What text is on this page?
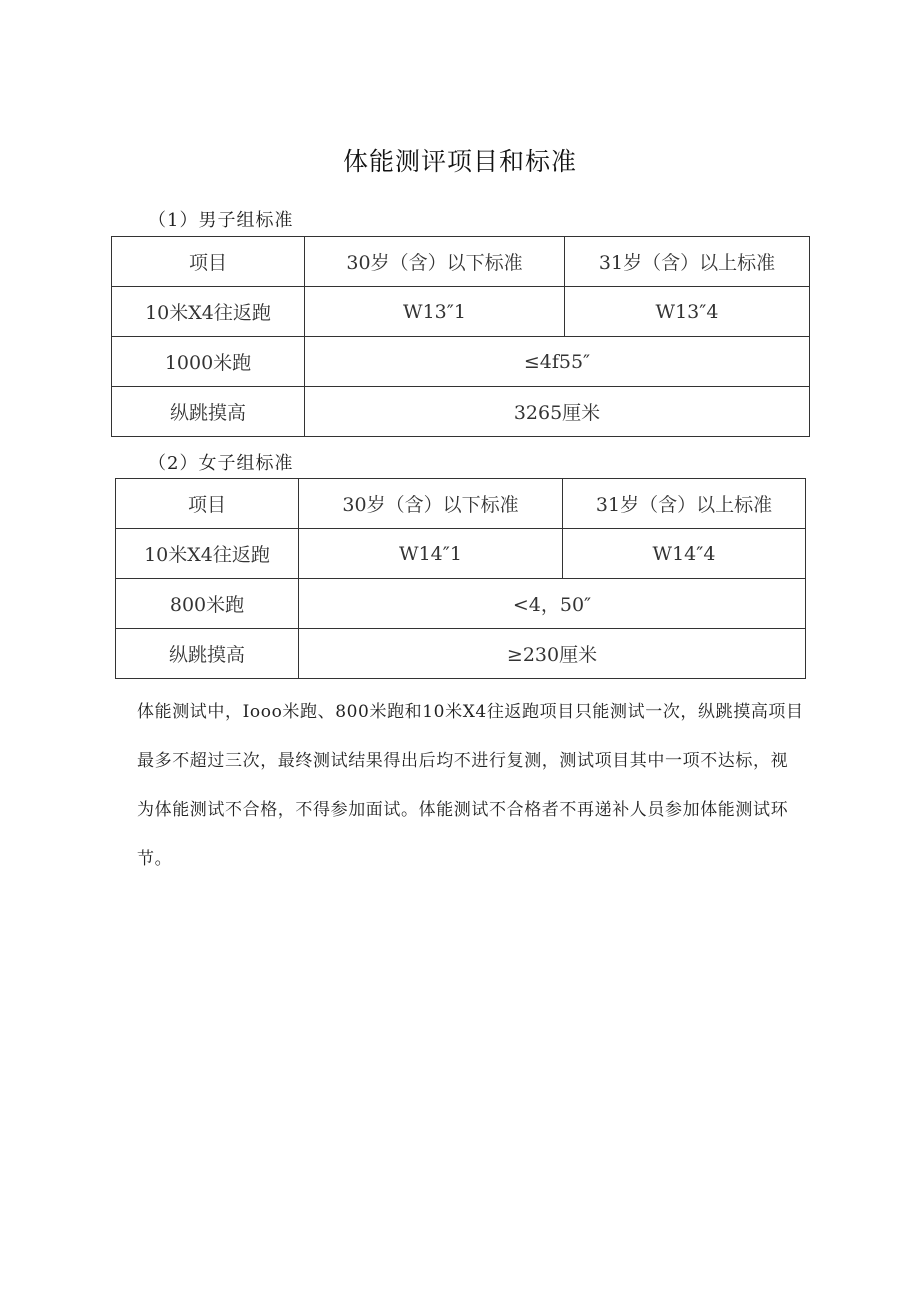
体能测评项目和标准
（1）男子组标准
项目	30岁（含）以下标准	31岁（含）以上标准
10米X4往返跑	W13″1	W13″4
1000米跑	≤4f55″	
纵跳摸高	3265厘米	
（2）女子组标准
项目	30岁（含）以下标准	31岁（含）以上标准
10米X4往返跑	W14″1	W14″4
800米跑	<4，50″	
纵跳摸高	≥230厘米	
体能测试中，Iooo米跑、800米跑和10米X4往返跑项目只能测试一次，纵跳摸高项目最多不超过三次，最终测试结果得出后均不进行复测，测试项目其中一项不达标，视为体能测试不合格，不得参加面试。体能测试不合格者不再递补人员参加体能测试环节。
